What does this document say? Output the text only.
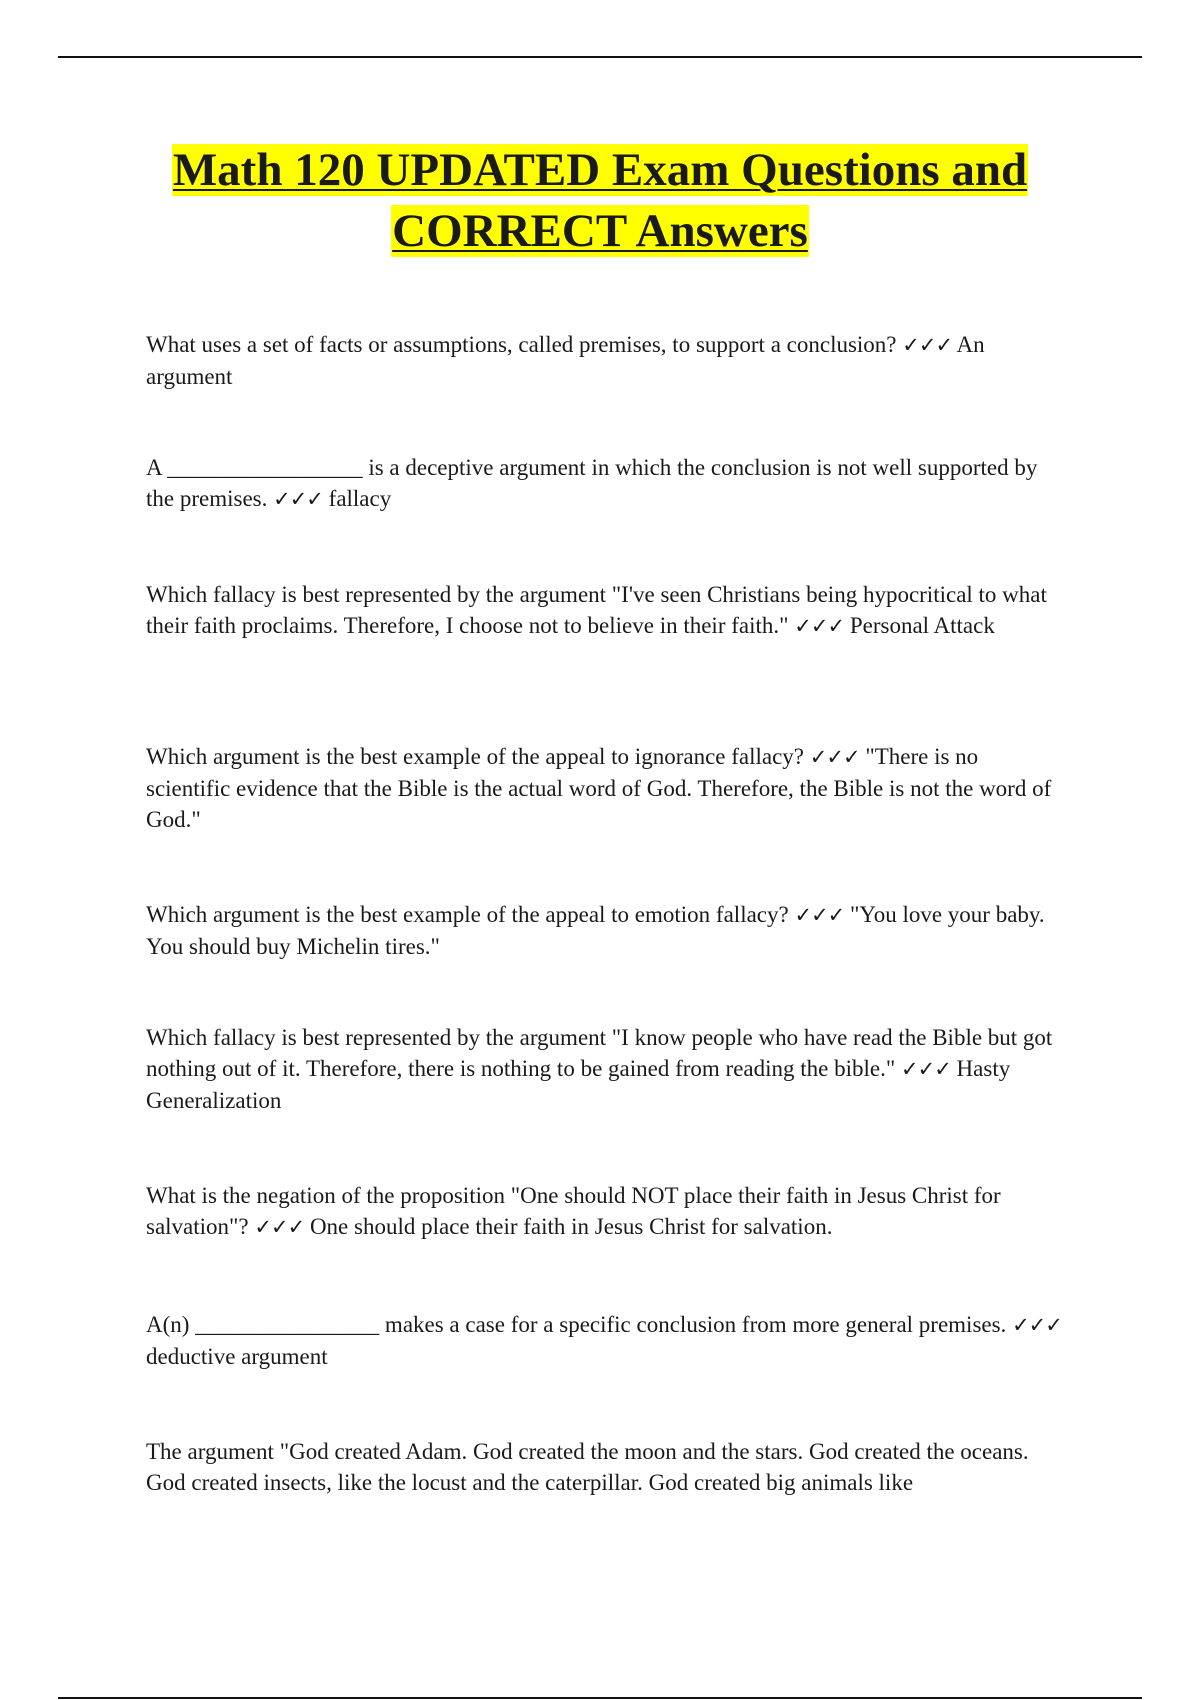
Math 120 UPDATED Exam Questions and CORRECT Answers

What uses a set of facts or assumptions, called premises, to support a conclusion? ✓✓✓ An argument

A _________________ is a deceptive argument in which the conclusion is not well supported by the premises. ✓✓✓ fallacy

Which fallacy is best represented by the argument "I've seen Christians being hypocritical to what their faith proclaims. Therefore, I choose not to believe in their faith." ✓✓✓ Personal Attack

Which argument is the best example of the appeal to ignorance fallacy? ✓✓✓ "There is no scientific evidence that the Bible is the actual word of God. Therefore, the Bible is not the word of God."

Which argument is the best example of the appeal to emotion fallacy? ✓✓✓ "You love your baby. You should buy Michelin tires."

Which fallacy is best represented by the argument "I know people who have read the Bible but got nothing out of it. Therefore, there is nothing to be gained from reading the bible." ✓✓✓ Hasty Generalization

What is the negation of the proposition "One should NOT place their faith in Jesus Christ for salvation"? ✓✓✓ One should place their faith in Jesus Christ for salvation.

A(n) ________________ makes a case for a specific conclusion from more general premises. ✓✓✓ deductive argument

The argument "God created Adam. God created the moon and the stars. God created the oceans. God created insects, like the locust and the caterpillar. God created big animals like
